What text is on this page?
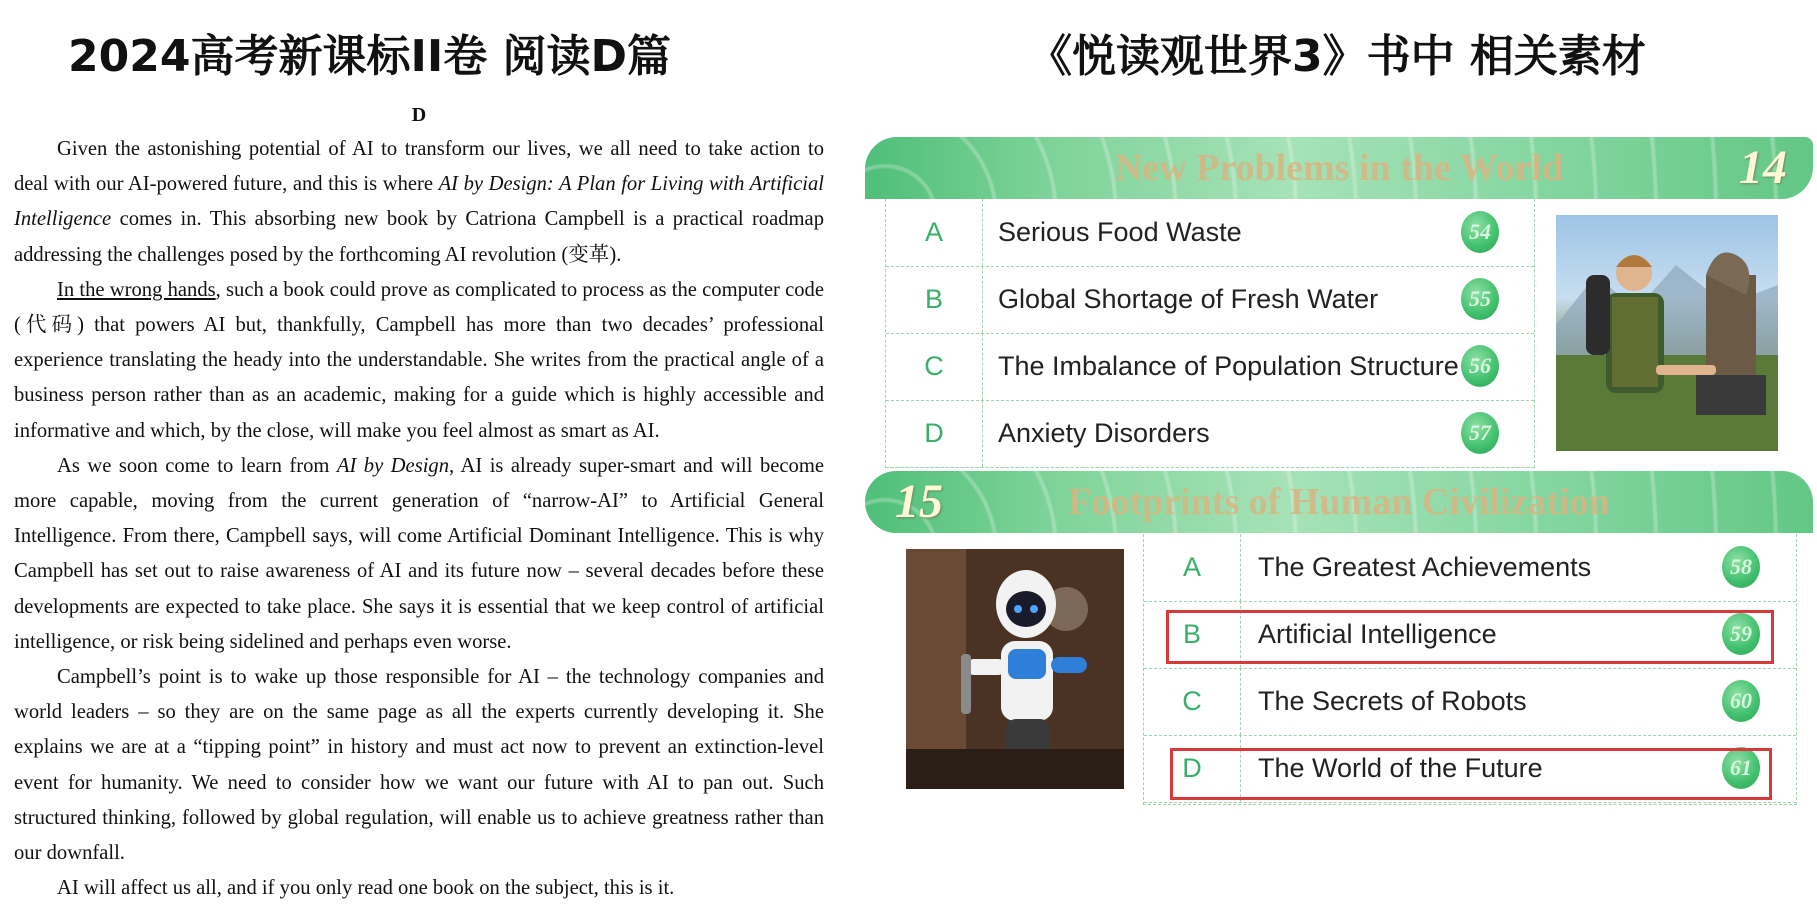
2024高考新课标II卷 阅读D篇	《悦读观世界3》书中 相关素材
D

Given the astonishing potential of AI to transform our lives, we all need to take action to deal with our AI-powered future, and this is where AI by Design: A Plan for Living with Artificial Intelligence comes in. This absorbing new book by Catriona Campbell is a practical roadmap addressing the challenges posed by the forthcoming AI revolution (变革).

In the wrong hands, such a book could prove as complicated to process as the computer code (代码) that powers AI but, thankfully, Campbell has more than two decades’ professional experience translating the heady into the understandable. She writes from the practical angle of a business person rather than as an academic, making for a guide which is highly accessible and informative and which, by the close, will make you feel almost as smart as AI.

As we soon come to learn from AI by Design, AI is already super-smart and will become more capable, moving from the current generation of “narrow-AI” to Artificial General Intelligence. From there, Campbell says, will come Artificial Dominant Intelligence. This is why Campbell has set out to raise awareness of AI and its future now – several decades before these developments are expected to take place. She says it is essential that we keep control of artificial intelligence, or risk being sidelined and perhaps even worse.

Campbell’s point is to wake up those responsible for AI – the technology companies and world leaders – so they are on the same page as all the experts currently developing it. She explains we are at a “tipping point” in history and must act now to prevent an extinction-level event for humanity. We need to consider how we want our future with AI to pan out. Such structured thinking, followed by global regulation, will enable us to achieve greatness rather than our downfall.

AI will affect us all, and if you only read one book on the subject, this is it.

New Problems in the World	14
A	Serious Food Waste	54
B	Global Shortage of Fresh Water	55
C	The Imbalance of Population Structure 56
D	Anxiety Disorders	57
15	Footprints of Human Civilization
A	The Greatest Achievements	58
B	Artificial Intelligence	59
C	The Secrets of Robots	60
D	The World of the Future	61
